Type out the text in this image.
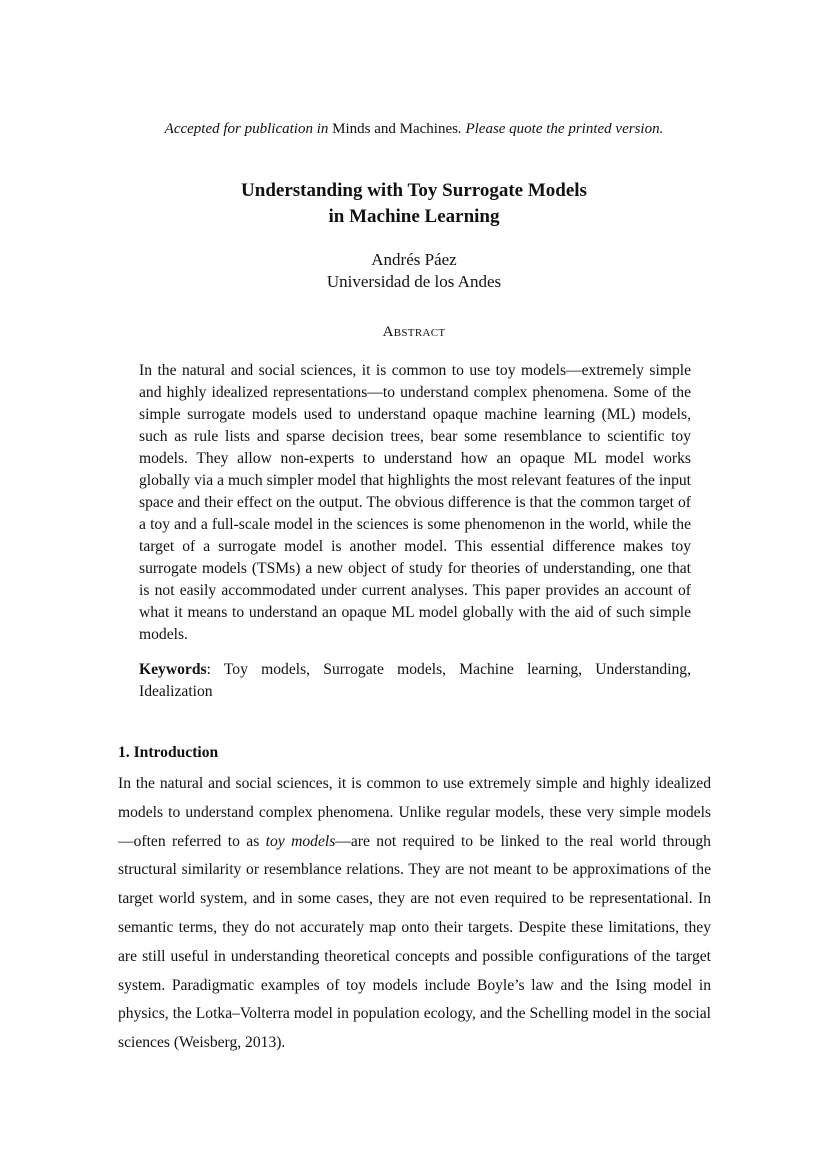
Accepted for publication in Minds and Machines. Please quote the printed version.
Understanding with Toy Surrogate Models
in Machine Learning
Andrés Páez
Universidad de los Andes
Abstract

In the natural and social sciences, it is common to use toy models—extremely simple and highly idealized representations—to understand complex phenomena. Some of the simple surrogate models used to understand opaque machine learning (ML) models, such as rule lists and sparse decision trees, bear some resemblance to scientific toy models. They allow non-experts to understand how an opaque ML model works globally via a much simpler model that highlights the most relevant features of the input space and their effect on the output. The obvious difference is that the common target of a toy and a full-scale model in the sciences is some phenomenon in the world, while the target of a surrogate model is another model. This essential difference makes toy surrogate models (TSMs) a new object of study for theories of understanding, one that is not easily accommodated under current analyses. This paper provides an account of what it means to understand an opaque ML model globally with the aid of such simple models.

Keywords: Toy models, Surrogate models, Machine learning, Understanding, Idealization

1. Introduction

In the natural and social sciences, it is common to use extremely simple and highly idealized models to understand complex phenomena. Unlike regular models, these very simple models—often referred to as toy models—are not required to be linked to the real world through structural similarity or resemblance relations. They are not meant to be approximations of the target world system, and in some cases, they are not even required to be representational. In semantic terms, they do not accurately map onto their targets. Despite these limitations, they are still useful in understanding theoretical concepts and possible configurations of the target system. Paradigmatic examples of toy models include Boyle’s law and the Ising model in physics, the Lotka–Volterra model in population ecology, and the Schelling model in the social sciences (Weisberg, 2013).
